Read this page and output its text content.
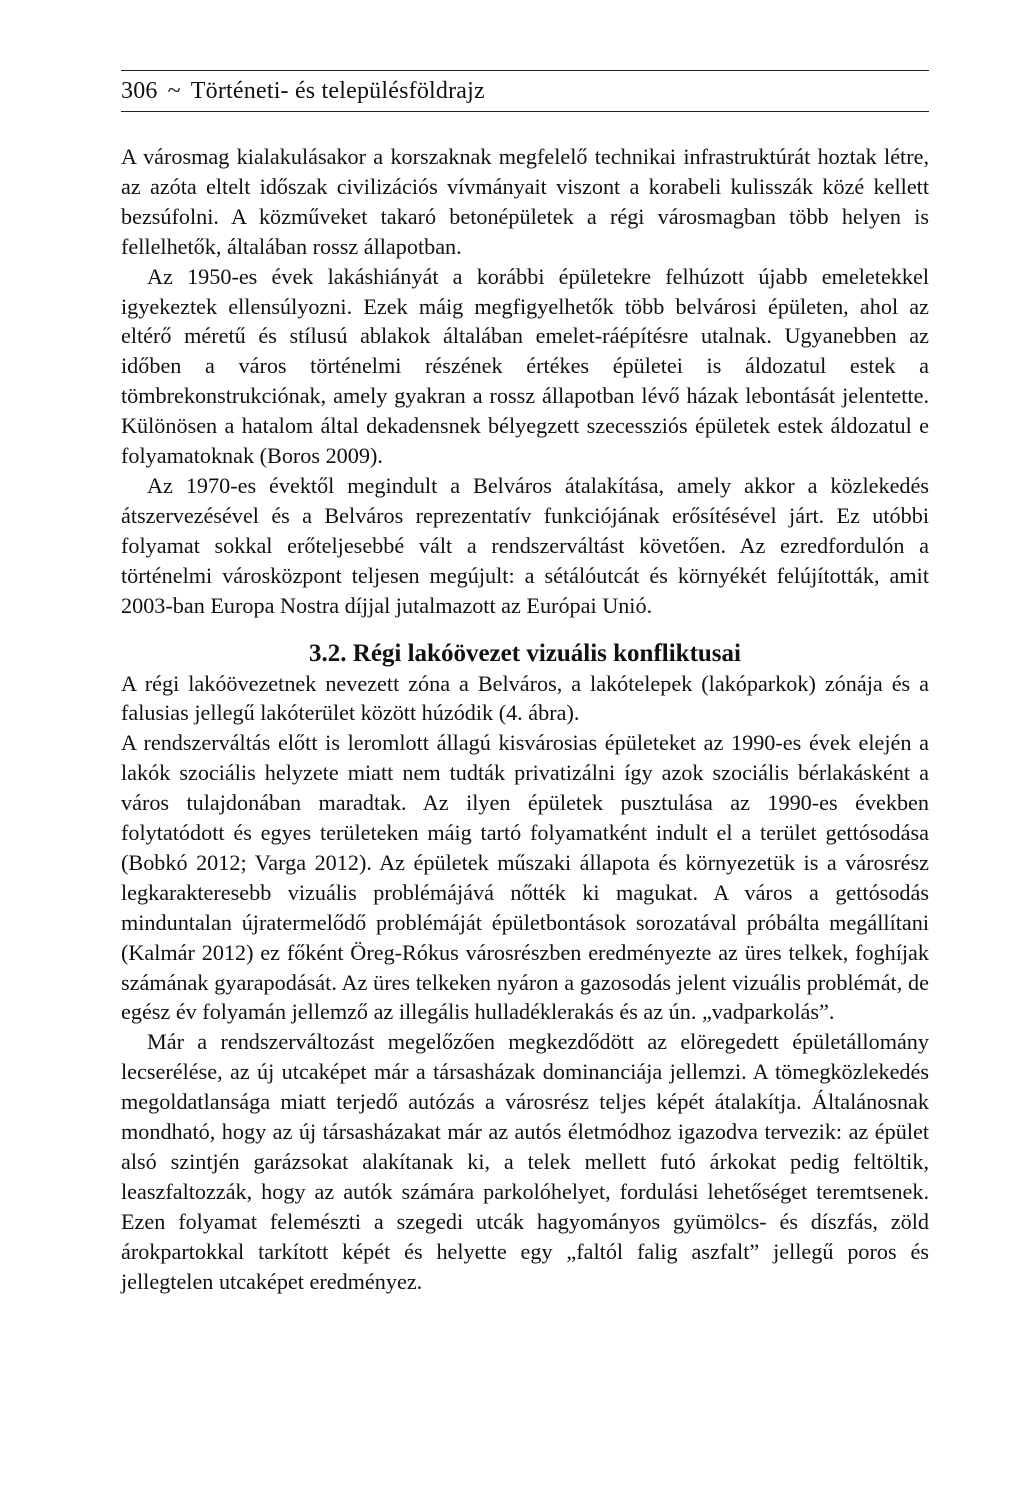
306 ~ Történeti- és településföldrajz

A városmag kialakulásakor a korszaknak megfelelő technikai infrastruktúrát hoztak létre, az azóta eltelt időszak civilizációs vívmányait viszont a korabeli kulisszák közé kellett bezsúfolni. A közműveket takaró betonépületek a régi városmagban több helyen is fellelhetők, általában rossz állapotban.

Az 1950-es évek lakáshiányát a korábbi épületekre felhúzott újabb emeletekkel igyekeztek ellensúlyozni. Ezek máig megfigyelhetők több belvárosi épületen, ahol az eltérő méretű és stílusú ablakok általában emelet-ráépítésre utalnak. Ugyanebben az időben a város történelmi részének értékes épületei is áldozatul estek a tömbrekonstrukciónak, amely gyakran a rossz állapotban lévő házak lebontását jelentette. Különösen a hatalom által dekadensnek bélyegzett szecessziós épületek estek áldozatul e folyamatoknak (Boros 2009).

Az 1970-es évektől megindult a Belváros átalakítása, amely akkor a közlekedés átszervezésével és a Belváros reprezentatív funkciójának erősítésével járt. Ez utóbbi folyamat sokkal erőteljesebbé vált a rendszerváltást követően. Az ezredfordulón a történelmi városközpont teljesen megújult: a sétálóutcát és környékét felújították, amit 2003-ban Europa Nostra díjjal jutalmazott az Európai Unió.

3.2. Régi lakóövezet vizuális konfliktusai

A régi lakóövezetnek nevezett zóna a Belváros, a lakótelepek (lakóparkok) zónája és a falusias jellegű lakóterület között húzódik (4. ábra).

A rendszerváltás előtt is leromlott állagú kisvárosias épületeket az 1990-es évek elején a lakók szociális helyzete miatt nem tudták privatizálni így azok szociális bérlakásként a város tulajdonában maradtak. Az ilyen épületek pusztulása az 1990-es években folytatódott és egyes területeken máig tartó folyamatként indult el a terület gettósodása (Bobkó 2012; Varga 2012). Az épületek műszaki állapota és környezetük is a városrész legkarakteresebb vizuális problémájává nőtték ki magukat. A város a gettósodás minduntalan újratermelődő problémáját épületbontások sorozatával próbálta megállítani (Kalmár 2012) ez főként Öreg-Rókus városrészben eredményezte az üres telkek, foghíjak számának gyarapodását. Az üres telkeken nyáron a gazosodás jelent vizuális problémát, de egész év folyamán jellemző az illegális hulladéklerakás és az ún. „vadparkolás”.

Már a rendszerváltozást megelőzően megkezdődött az elöregedett épületállomány lecserélése, az új utcaképet már a társasházak dominanciája jellemzi. A tömegközlekedés megoldatlansága miatt terjedő autózás a városrész teljes képét átalakítja. Általánosnak mondható, hogy az új társasházakat már az autós életmódhoz igazodva tervezik: az épület alsó szintjén garázsokat alakítanak ki, a telek mellett futó árkokat pedig feltöltik, leaszfaltozzák, hogy az autók számára parkolóhelyet, fordulási lehetőséget teremtsenek. Ezen folyamat felemészti a szegedi utcák hagyományos gyümölcs- és díszfás, zöld árokpartokkal tarkított képét és helyette egy „faltól falig aszfalt” jellegű poros és jellegtelen utcaképet eredményez.
